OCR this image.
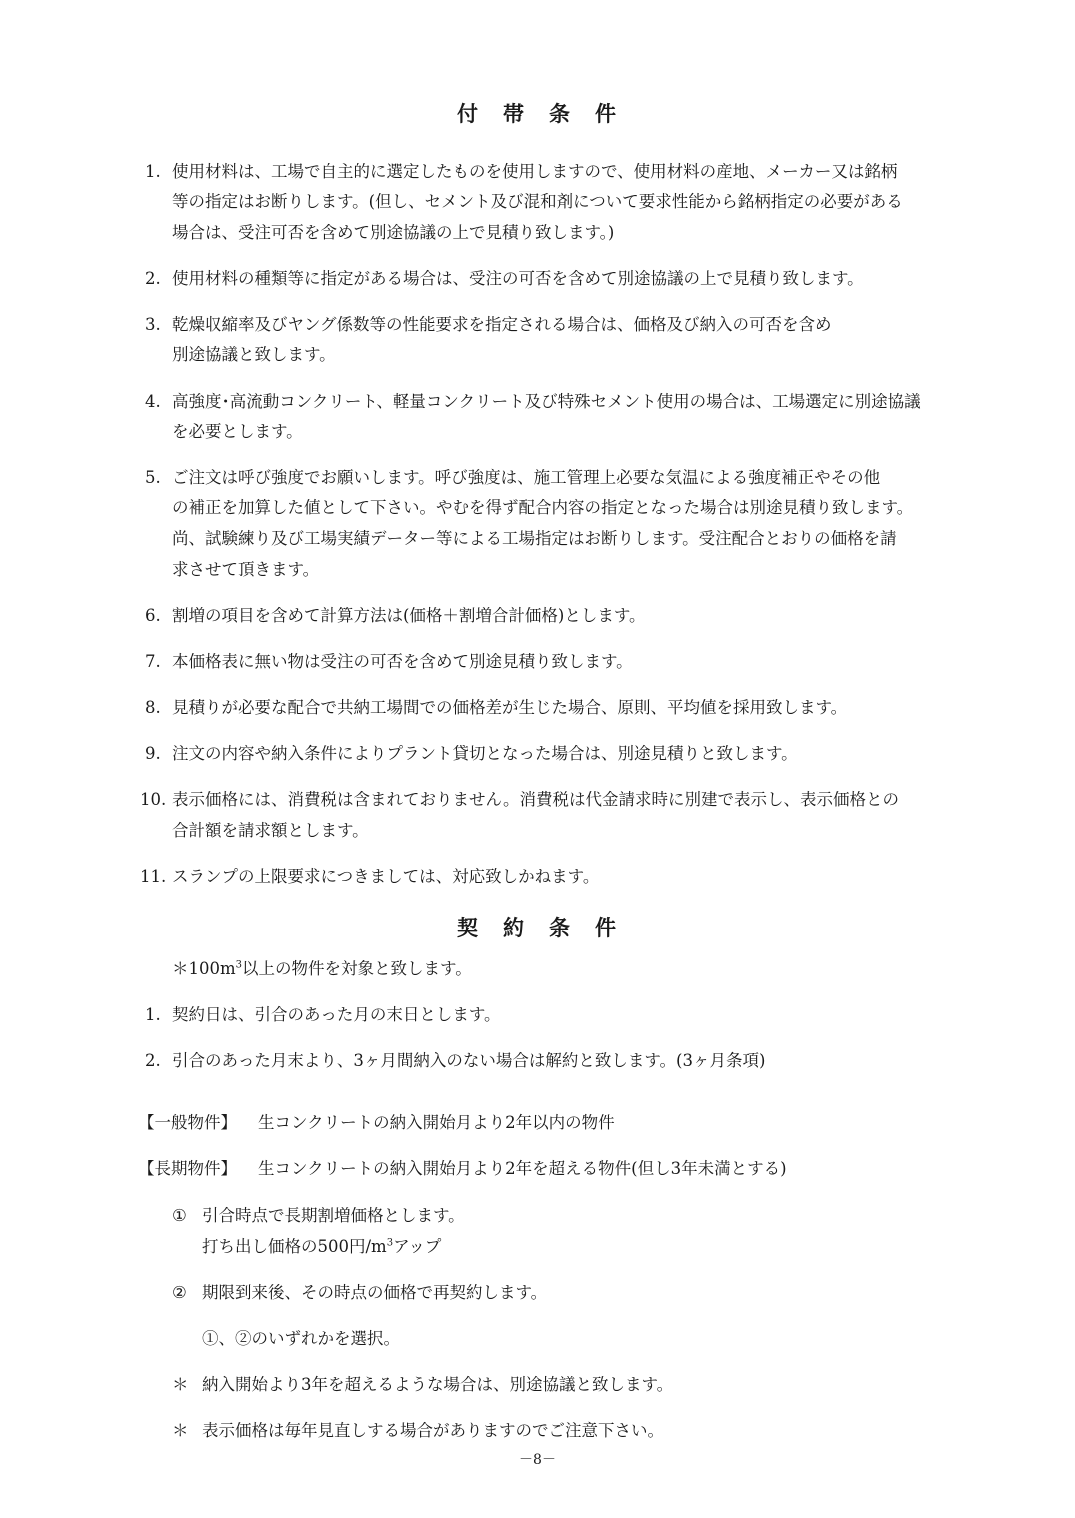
付　帯　条　件
1. 使用材料は、工場で自主的に選定したものを使用しますので、使用材料の産地、メーカー又は銘柄
等の指定はお断りします。(但し、セメント及び混和剤について要求性能から銘柄指定の必要がある
場合は、受注可否を含めて別途協議の上で見積り致します。)
2. 使用材料の種類等に指定がある場合は、受注の可否を含めて別途協議の上で見積り致します。
3. 乾燥収縮率及びヤング係数等の性能要求を指定される場合は、価格及び納入の可否を含め
別途協議と致します。
4. 高強度･高流動コンクリート、軽量コンクリート及び特殊セメント使用の場合は、工場選定に別途協議
を必要とします。
5. ご注文は呼び強度でお願いします。呼び強度は、施工管理上必要な気温による強度補正やその他
の補正を加算した値として下さい。やむを得ず配合内容の指定となった場合は別途見積り致します。
尚、試験練り及び工場実績データー等による工場指定はお断りします。受注配合とおりの価格を請
求させて頂きます。
6. 割増の項目を含めて計算方法は(価格＋割増合計価格)とします。
7. 本価格表に無い物は受注の可否を含めて別途見積り致します。
8. 見積りが必要な配合で共納工場間での価格差が生じた場合、原則、平均値を採用致します。
9. 注文の内容や納入条件によりプラント貸切となった場合は、別途見積りと致します。
10. 表示価格には、消費税は含まれておりません。消費税は代金請求時に別建で表示し、表示価格との
合計額を請求額とします。
11. スランプの上限要求につきましては、対応致しかねます。
契　約　条　件
$*100m^3$以上の物件を対象と致します。
1. 契約日は、引合のあった月の末日とします。
2. 引合のあった月末より、3ヶ月間納入のない場合は解約と致します。(3ヶ月条項)
【一般物件】 生コンクリートの納入開始月より2年以内の物件
【長期物件】 生コンクリートの納入開始月より2年を超える物件(但し3年未満とする)
① 引合時点で長期割増価格とします。
打ち出し価格の500円$/m^3$アップ
② 期限到来後、その時点の価格で再契約します。
①、②のいずれかを選択。
＊ 納入開始より3年を超えるような場合は、別途協議と致します。
＊ 表示価格は毎年見直しする場合がありますのでご注意下さい。
－8－
